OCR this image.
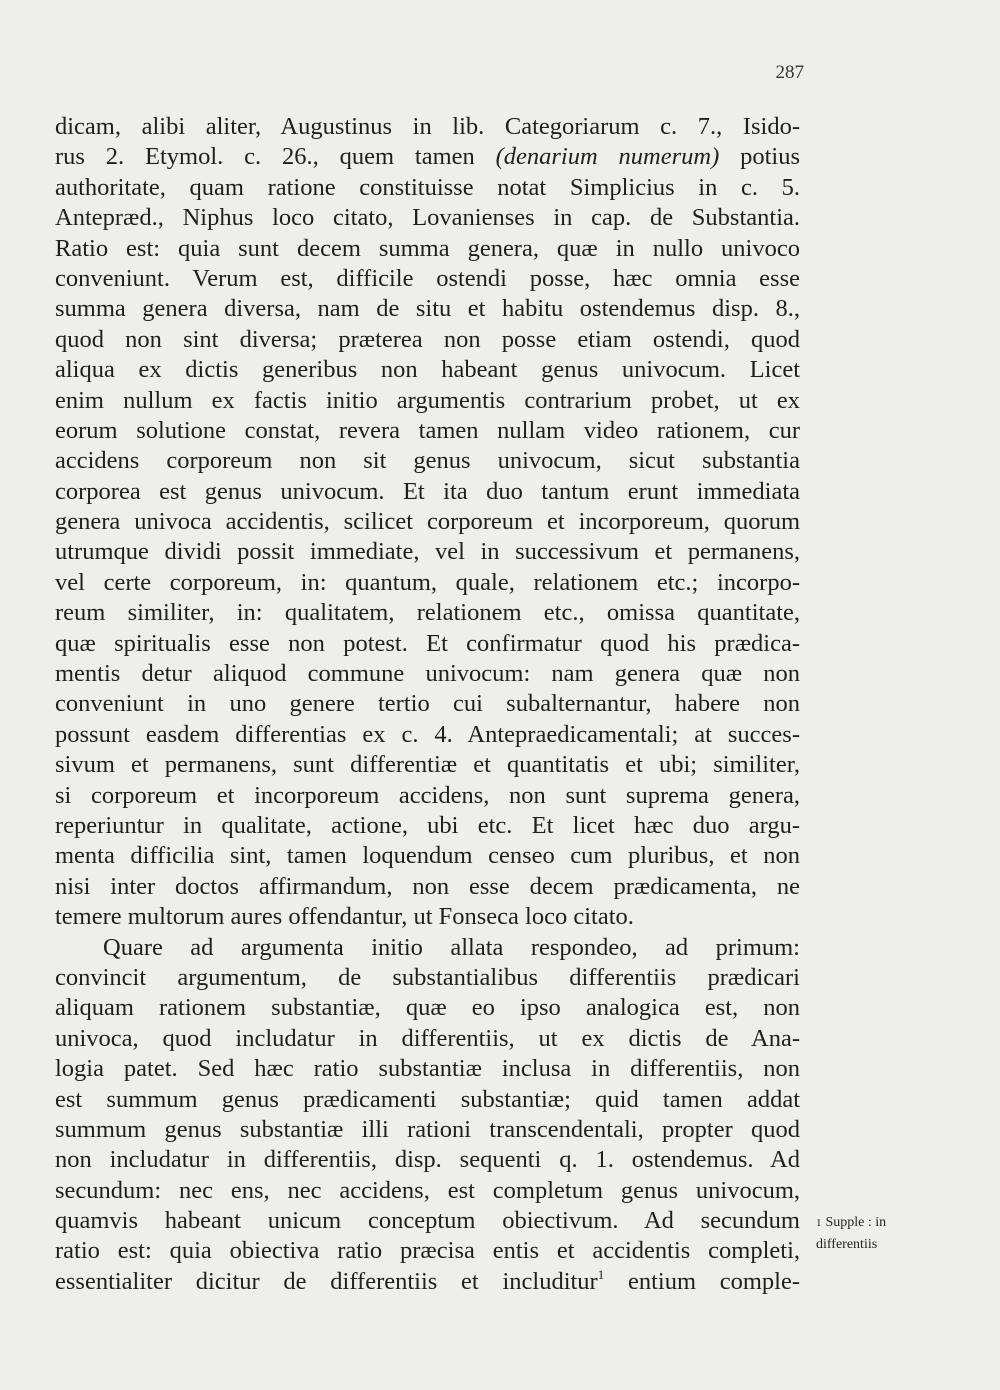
287
dicam, alibi aliter, Augustinus in lib. Categoriarum c. 7., Isido-
rus 2. Etymol. c. 26., quem tamen (denarium numerum) potius
authoritate, quam ratione constituisse notat Simplicius in c. 5.
Antepræd., Niphus loco citato, Lovanienses in cap. de Substantia.
Ratio est: quia sunt decem summa genera, quæ in nullo univoco
conveniunt. Verum est, difficile ostendi posse, hæc omnia esse
summa genera diversa, nam de situ et habitu ostendemus disp. 8.,
quod non sint diversa; præterea non posse etiam ostendi, quod
aliqua ex dictis generibus non habeant genus univocum. Licet
enim nullum ex factis initio argumentis contrarium probet, ut ex
eorum solutione constat, revera tamen nullam video rationem, cur
accidens corporeum non sit genus univocum, sicut substantia
corporea est genus univocum. Et ita duo tantum erunt immediata
genera univoca accidentis, scilicet corporeum et incorporeum, quorum
utrumque dividi possit immediate, vel in successivum et permanens,
vel certe corporeum, in: quantum, quale, relationem etc.; incorpo-
reum similiter, in: qualitatem, relationem etc., omissa quantitate,
quæ spiritualis esse non potest. Et confirmatur quod his prædica-
mentis detur aliquod commune univocum: nam genera quæ non
conveniunt in uno genere tertio cui subalternantur, habere non
possunt easdem differentias ex c. 4. Antepraedicamentali; at succes-
sivum et permanens, sunt differentiæ et quantitatis et ubi; similiter,
si corporeum et incorporeum accidens, non sunt suprema genera,
reperiuntur in qualitate, actione, ubi etc. Et licet hæc duo argu-
menta difficilia sint, tamen loquendum censeo cum pluribus, et non
nisi inter doctos affirmandum, non esse decem prædicamenta, ne
temere multorum aures offendantur, ut Fonseca loco citato.
Quare ad argumenta initio allata respondeo, ad primum:
convincit argumentum, de substantialibus differentiis prædicari
aliquam rationem substantiæ, quæ eo ipso analogica est, non
univoca, quod includatur in differentiis, ut ex dictis de Ana-
logia patet. Sed hæc ratio substantiæ inclusa in differentiis, non
est summum genus prædicamenti substantiæ; quid tamen addat
summum genus substantiæ illi rationi transcendentali, propter quod
non includatur in differentiis, disp. sequenti q. 1. ostendemus. Ad
secundum: nec ens, nec accidens, est completum genus univocum,
quamvis habeant unicum conceptum obiectivum. Ad secundum
ratio est: quia obiectiva ratio præcisa entis et accidentis completi,
essentialiter dicitur de differentiis et includitur$^1$ entium comple-
1 Supple : in
differentiis
